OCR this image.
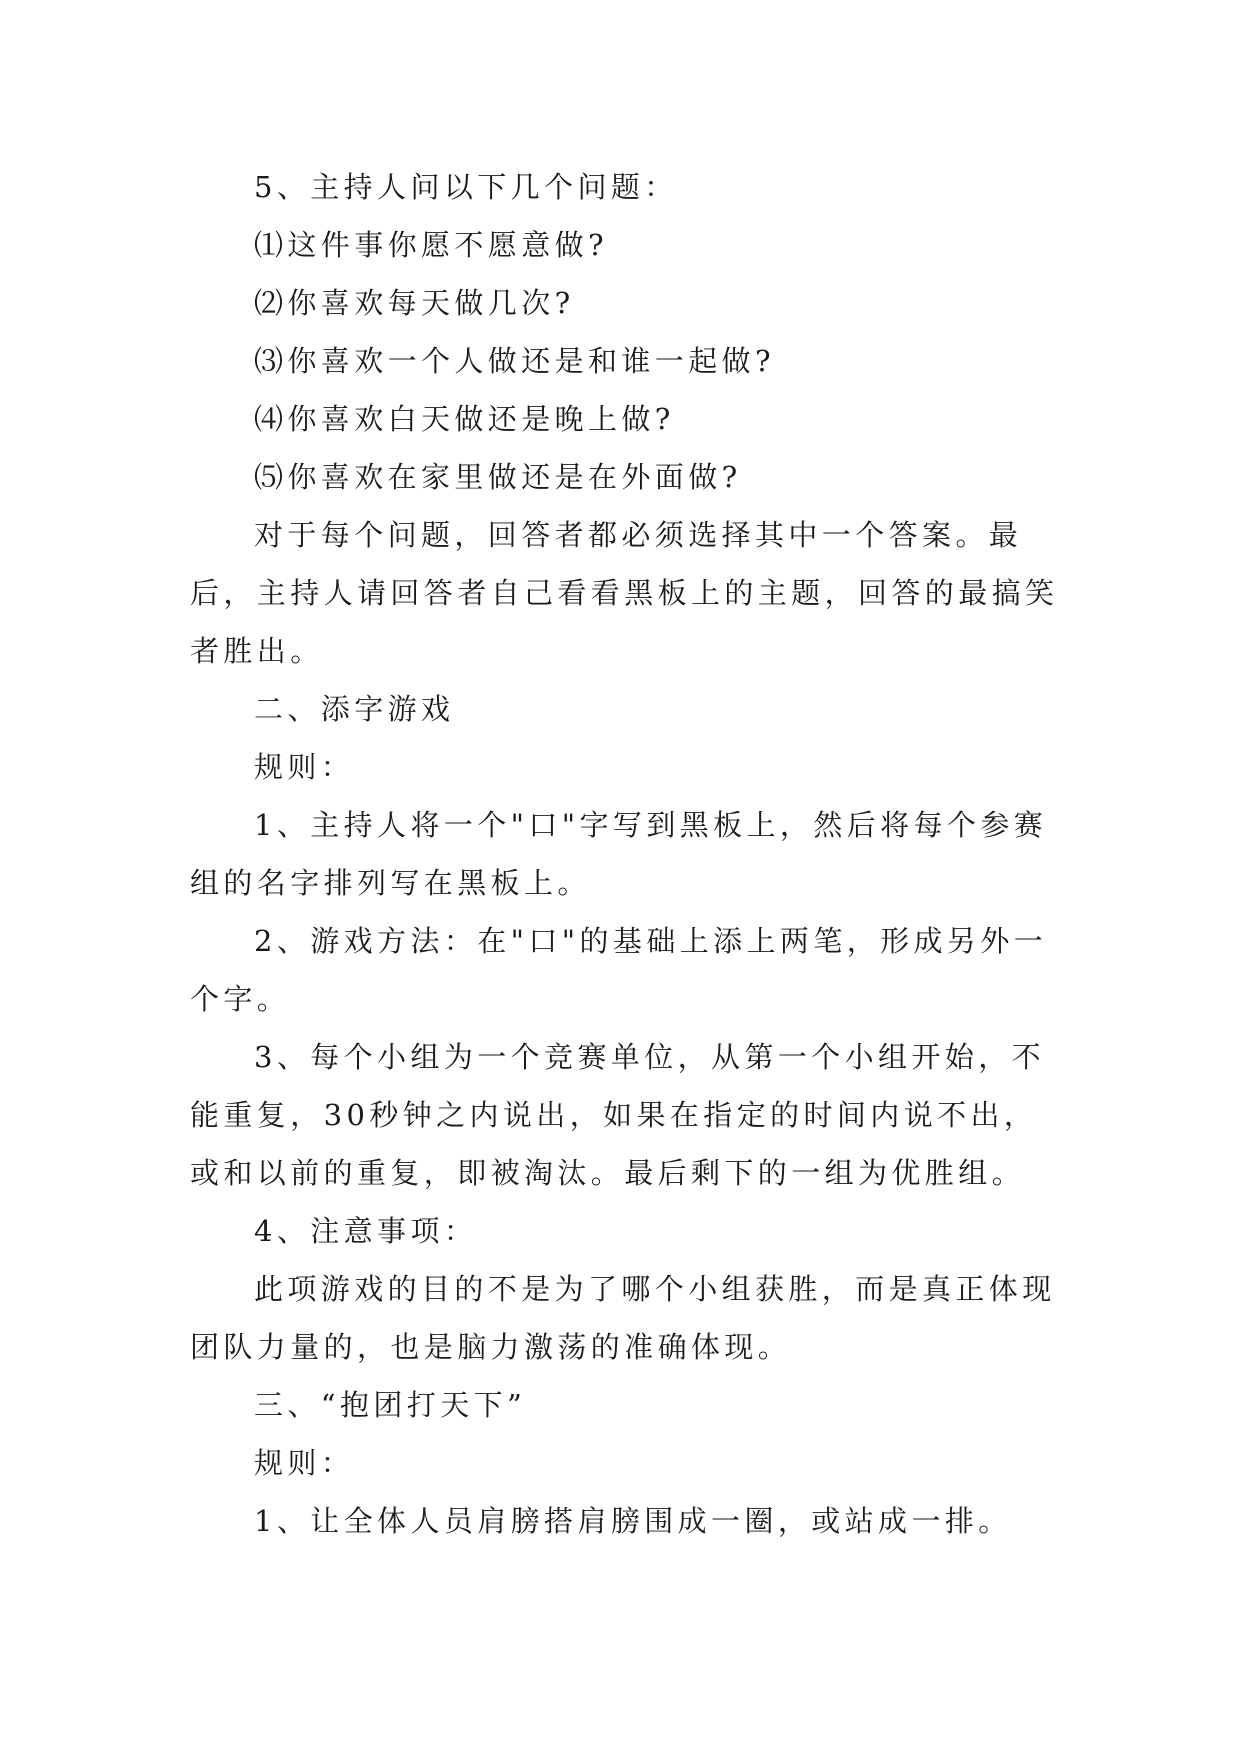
5、主持人问以下几个问题：

⑴这件事你愿不愿意做?

⑵你喜欢每天做几次?

⑶你喜欢一个人做还是和谁一起做?

⑷你喜欢白天做还是晚上做?

⑸你喜欢在家里做还是在外面做?

对于每个问题，回答者都必须选择其中一个答案。最后，主持人请回答者自己看看黑板上的主题，回答的最搞笑者胜出。

二、添字游戏

规则：

1、主持人将一个"口"字写到黑板上，然后将每个参赛组的名字排列写在黑板上。

2、游戏方法：在"口"的基础上添上两笔，形成另外一个字。

3、每个小组为一个竞赛单位，从第一个小组开始，不能重复，30秒钟之内说出，如果在指定的时间内说不出，或和以前的重复，即被淘汰。最后剩下的一组为优胜组。

4、注意事项：

此项游戏的目的不是为了哪个小组获胜，而是真正体现团队力量的，也是脑力激荡的准确体现。

三、“抱团打天下”

规则：

1、让全体人员肩膀搭肩膀围成一圈，或站成一排。
